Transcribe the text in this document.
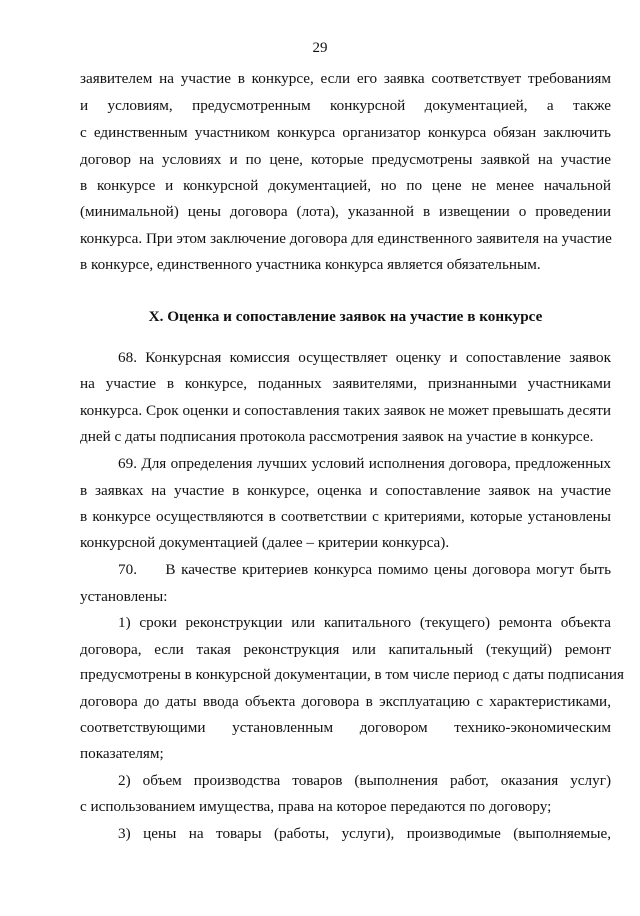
29
заявителем на участие в конкурсе, если его заявка соответствует требованиям
и условиям, предусмотренным конкурсной документацией, а также
с единственным участником конкурса организатор конкурса обязан заключить
договор на условиях и по цене, которые предусмотрены заявкой на участие
в конкурсе и конкурсной документацией, но по цене не менее начальной
(минимальной) цены договора (лота), указанной в извещении о проведении
конкурса. При этом заключение договора для единственного заявителя на участие
в конкурсе, единственного участника конкурса является обязательным.
X. Оценка и сопоставление заявок на участие в конкурсе
68. Конкурсная комиссия осуществляет оценку и сопоставление заявок
на участие в конкурсе, поданных заявителями, признанными участниками
конкурса. Срок оценки и сопоставления таких заявок не может превышать десяти
дней с даты подписания протокола рассмотрения заявок на участие в конкурсе.
69. Для определения лучших условий исполнения договора, предложенных
в заявках на участие в конкурсе, оценка и сопоставление заявок на участие
в конкурсе осуществляются в соответствии с критериями, которые установлены
конкурсной документацией (далее – критерии конкурса).
70.     В качестве критериев конкурса помимо цены договора могут быть
установлены:
1) сроки реконструкции или капитального (текущего) ремонта объекта
договора, если такая реконструкция или капитальный (текущий) ремонт
предусмотрены в конкурсной документации, в том числе период с даты подписания
договора до даты ввода объекта договора в эксплуатацию с характеристиками,
соответствующими установленным договором технико-экономическим
показателям;
2) объем производства товаров (выполнения работ, оказания услуг)
с использованием имущества, права на которое передаются по договору;
3) цены на товары (работы, услуги), производимые (выполняемые,
